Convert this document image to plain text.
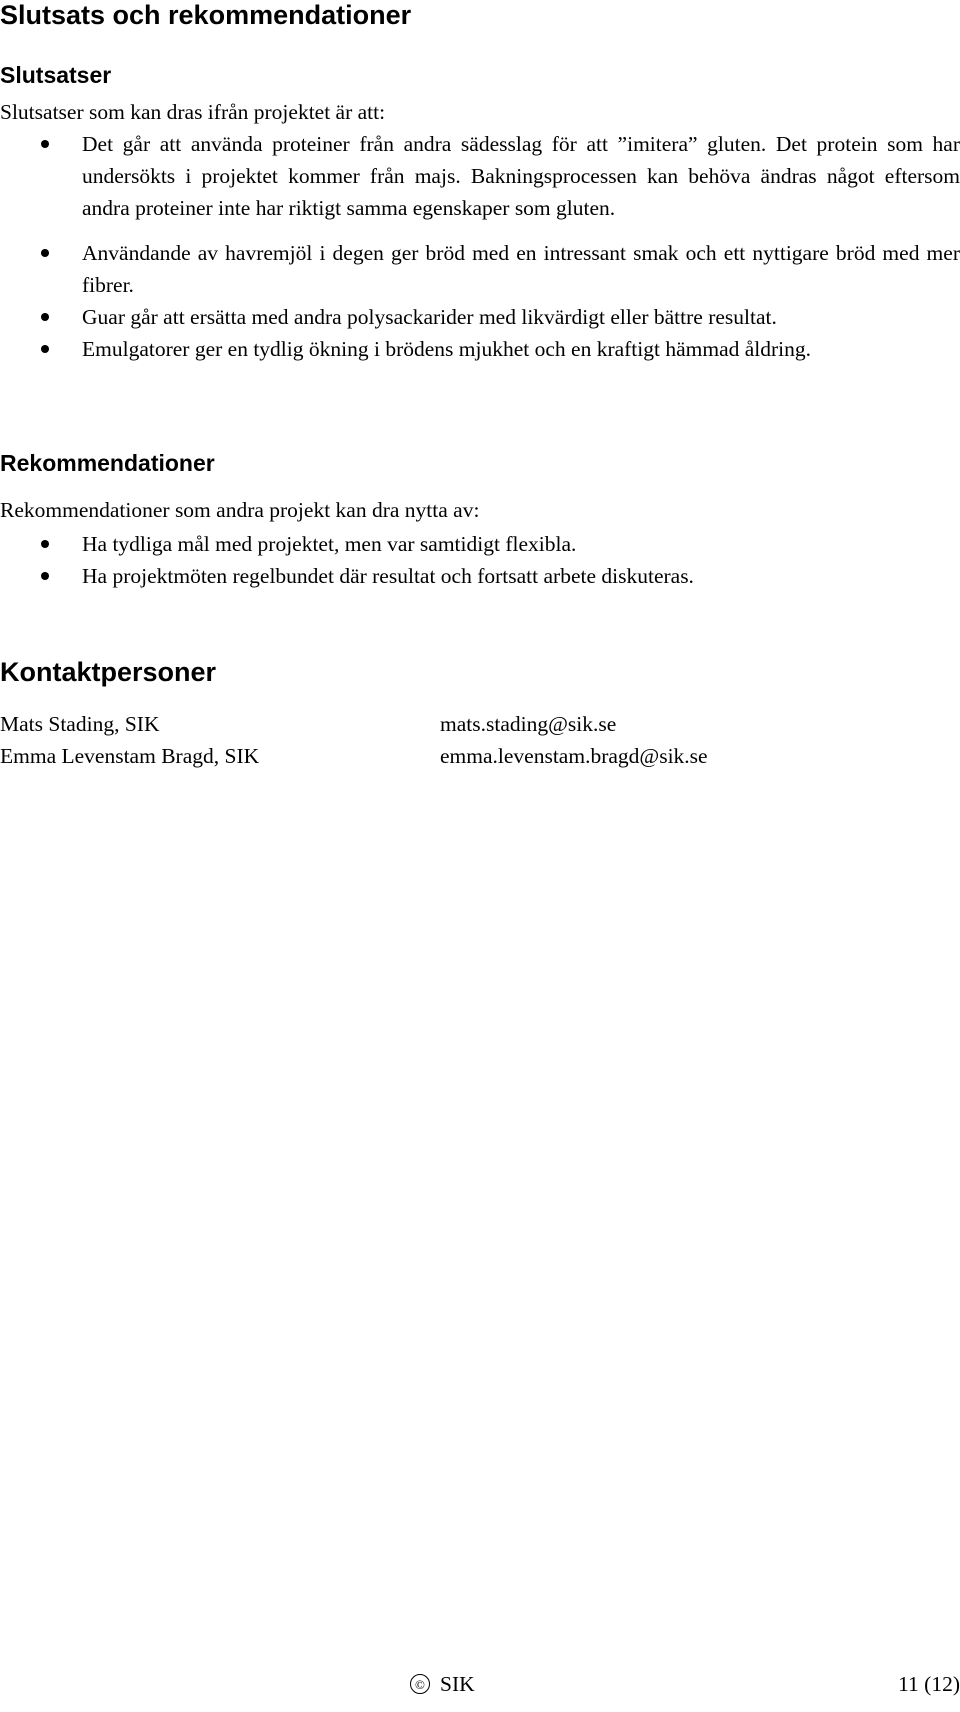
Slutsats och rekommendationer
Slutsatser
Slutsatser som kan dras ifrån projektet är att:
Det går att använda proteiner från andra sädesslag för att ”imitera” gluten. Det protein som har undersökts i projektet kommer från majs. Bakningsprocessen kan behöva ändras något eftersom andra proteiner inte har riktigt samma egenskaper som gluten.
Användande av havremjöl i degen ger bröd med en intressant smak och ett nyttigare bröd med mer fibrer.
Guar går att ersätta med andra polysackarider med likvärdigt eller bättre resultat.
Emulgatorer ger en tydlig ökning i brödens mjukhet och en kraftigt hämmad åldring.
Rekommendationer
Rekommendationer som andra projekt kan dra nytta av:
Ha tydliga mål med projektet, men var samtidigt flexibla.
Ha projektmöten regelbundet där resultat och fortsatt arbete diskuteras.
Kontaktpersoner
Mats Stading, SIK	mats.stading@sik.se
Emma Levenstam Bragd, SIK	emma.levenstam.bragd@sik.se
© SIK	11 (12)
